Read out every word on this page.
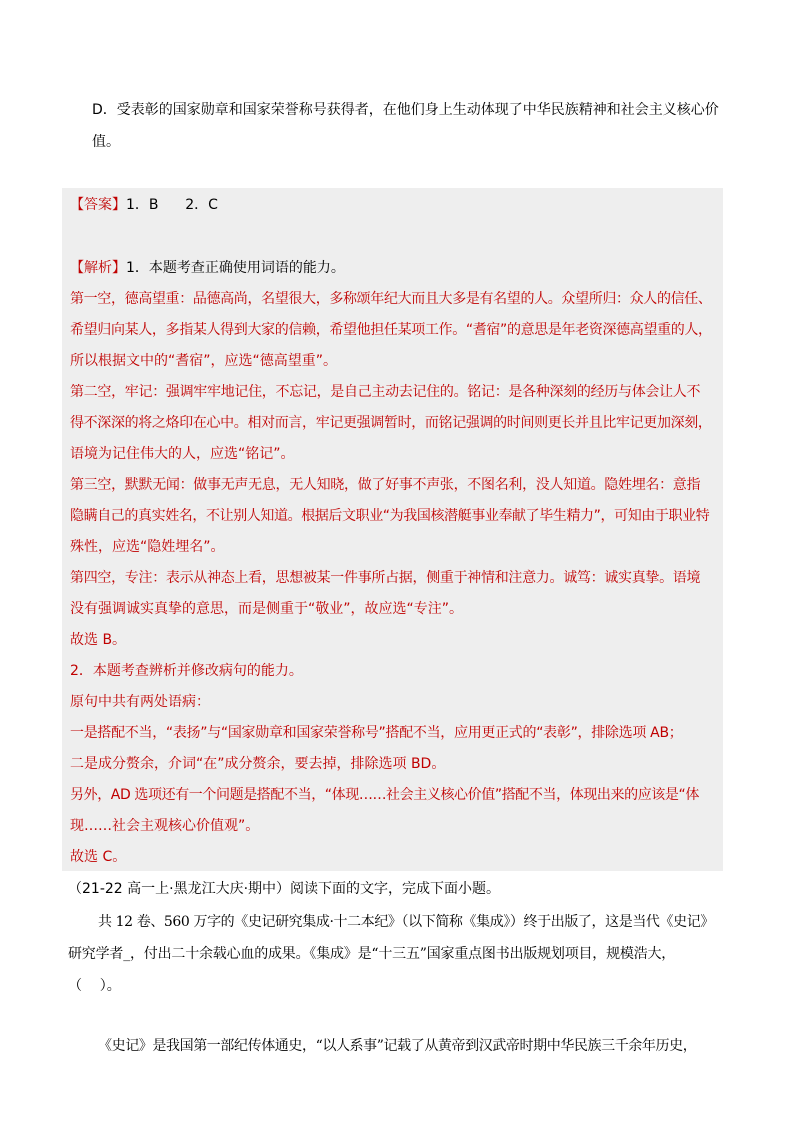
D．受表彰的国家勋章和国家荣誉称号获得者，在他们身上生动体现了中华民族精神和社会主义核心价
值。
【答案】1．B      2．C
【解析】1．本题考查正确使用词语的能力。
第一空，德高望重：品德高尚，名望很大，多称颂年纪大而且大多是有名望的人。众望所归：众人的信任、
希望归向某人，多指某人得到大家的信赖，希望他担任某项工作。“耆宿”的意思是年老资深德高望重的人，
所以根据文中的“耆宿”，应选“德高望重”。
第二空，牢记：强调牢牢地记住，不忘记，是自己主动去记住的。铭记：是各种深刻的经历与体会让人不
得不深深的将之烙印在心中。相对而言，牢记更强调暂时，而铭记强调的时间则更长并且比牢记更加深刻，
语境为记住伟大的人，应选“铭记”。
第三空，默默无闻：做事无声无息，无人知晓，做了好事不声张，不图名利，没人知道。隐姓埋名：意指
隐瞒自己的真实姓名，不让别人知道。根据后文职业“为我国核潜艇事业奉献了毕生精力”，可知由于职业特
殊性，应选“隐姓埋名”。
第四空，专注：表示从神态上看，思想被某一件事所占据，侧重于神情和注意力。诚笃：诚实真挚。语境
没有强调诚实真挚的意思，而是侧重于“敬业”，故应选“专注”。
故选 B。
2．本题考查辨析并修改病句的能力。
原句中共有两处语病：
一是搭配不当，“表扬”与“国家勋章和国家荣誉称号”搭配不当，应用更正式的“表彰”，排除选项 AB；
二是成分赘余，介词“在”成分赘余，要去掉，排除选项 BD。
另外，AD 选项还有一个问题是搭配不当，“体现……社会主义核心价值”搭配不当，体现出来的应该是“体
现……社会主观核心价值观”。
故选 C。
（21-22 高一上·黑龙江大庆·期中）阅读下面的文字，完成下面小题。
共 12 卷、560 万字的《史记研究集成·十二本纪》（以下简称《集成》）终于出版了，这是当代《史记》
研究学者_，付出二十余载心血的成果。《集成》是“十三五”国家重点图书出版规划项目，规模浩大，
（    ）。
《史记》是我国第一部纪传体通史，“以人系事”记载了从黄帝到汉武帝时期中华民族三千余年历史，
